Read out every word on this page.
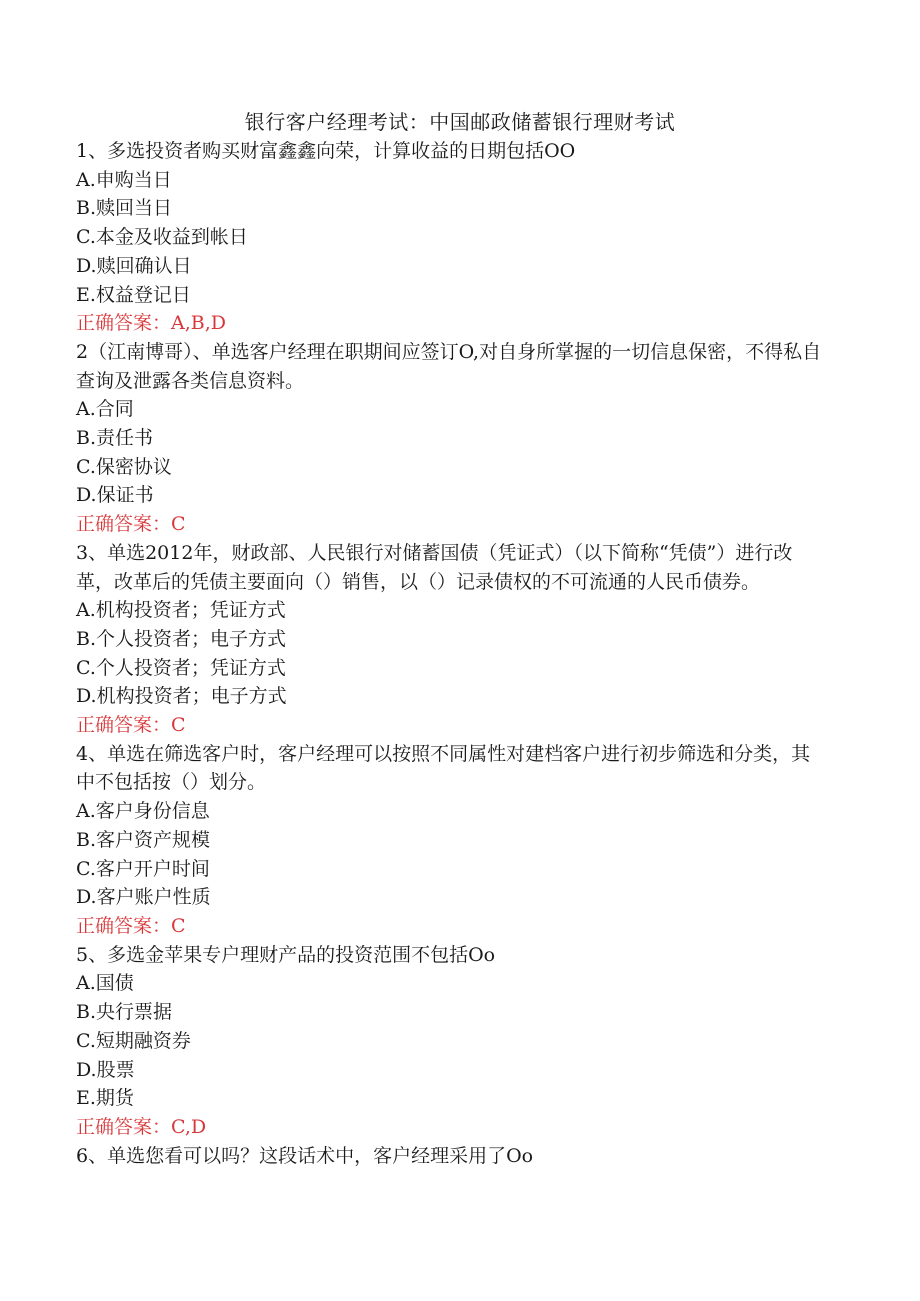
银行客户经理考试：中国邮政储蓄银行理财考试
1、多选投资者购买财富鑫鑫向荣，计算收益的日期包括OO
A.申购当日
B.赎回当日
C.本金及收益到帐日
D.赎回确认日
E.权益登记日
正确答案：A,B,D
2（江南博哥）、单选客户经理在职期间应签订O,对自身所掌握的一切信息保密，不得私自查询及泄露各类信息资料。
A.合同
B.责任书
C.保密协议
D.保证书
正确答案：C
3、单选2012年，财政部、人民银行对储蓄国债（凭证式）（以下简称“凭债”）进行改革，改革后的凭债主要面向（）销售，以（）记录债权的不可流通的人民币债券。
A.机构投资者；凭证方式
B.个人投资者；电子方式
C.个人投资者；凭证方式
D.机构投资者；电子方式
正确答案：C
4、单选在筛选客户时，客户经理可以按照不同属性对建档客户进行初步筛选和分类，其中不包括按（）划分。
A.客户身份信息
B.客户资产规模
C.客户开户时间
D.客户账户性质
正确答案：C
5、多选金苹果专户理财产品的投资范围不包括Oo
A.国债
B.央行票据
C.短期融资券
D.股票
E.期货
正确答案：C,D
6、单选您看可以吗？这段话术中，客户经理采用了Oo
